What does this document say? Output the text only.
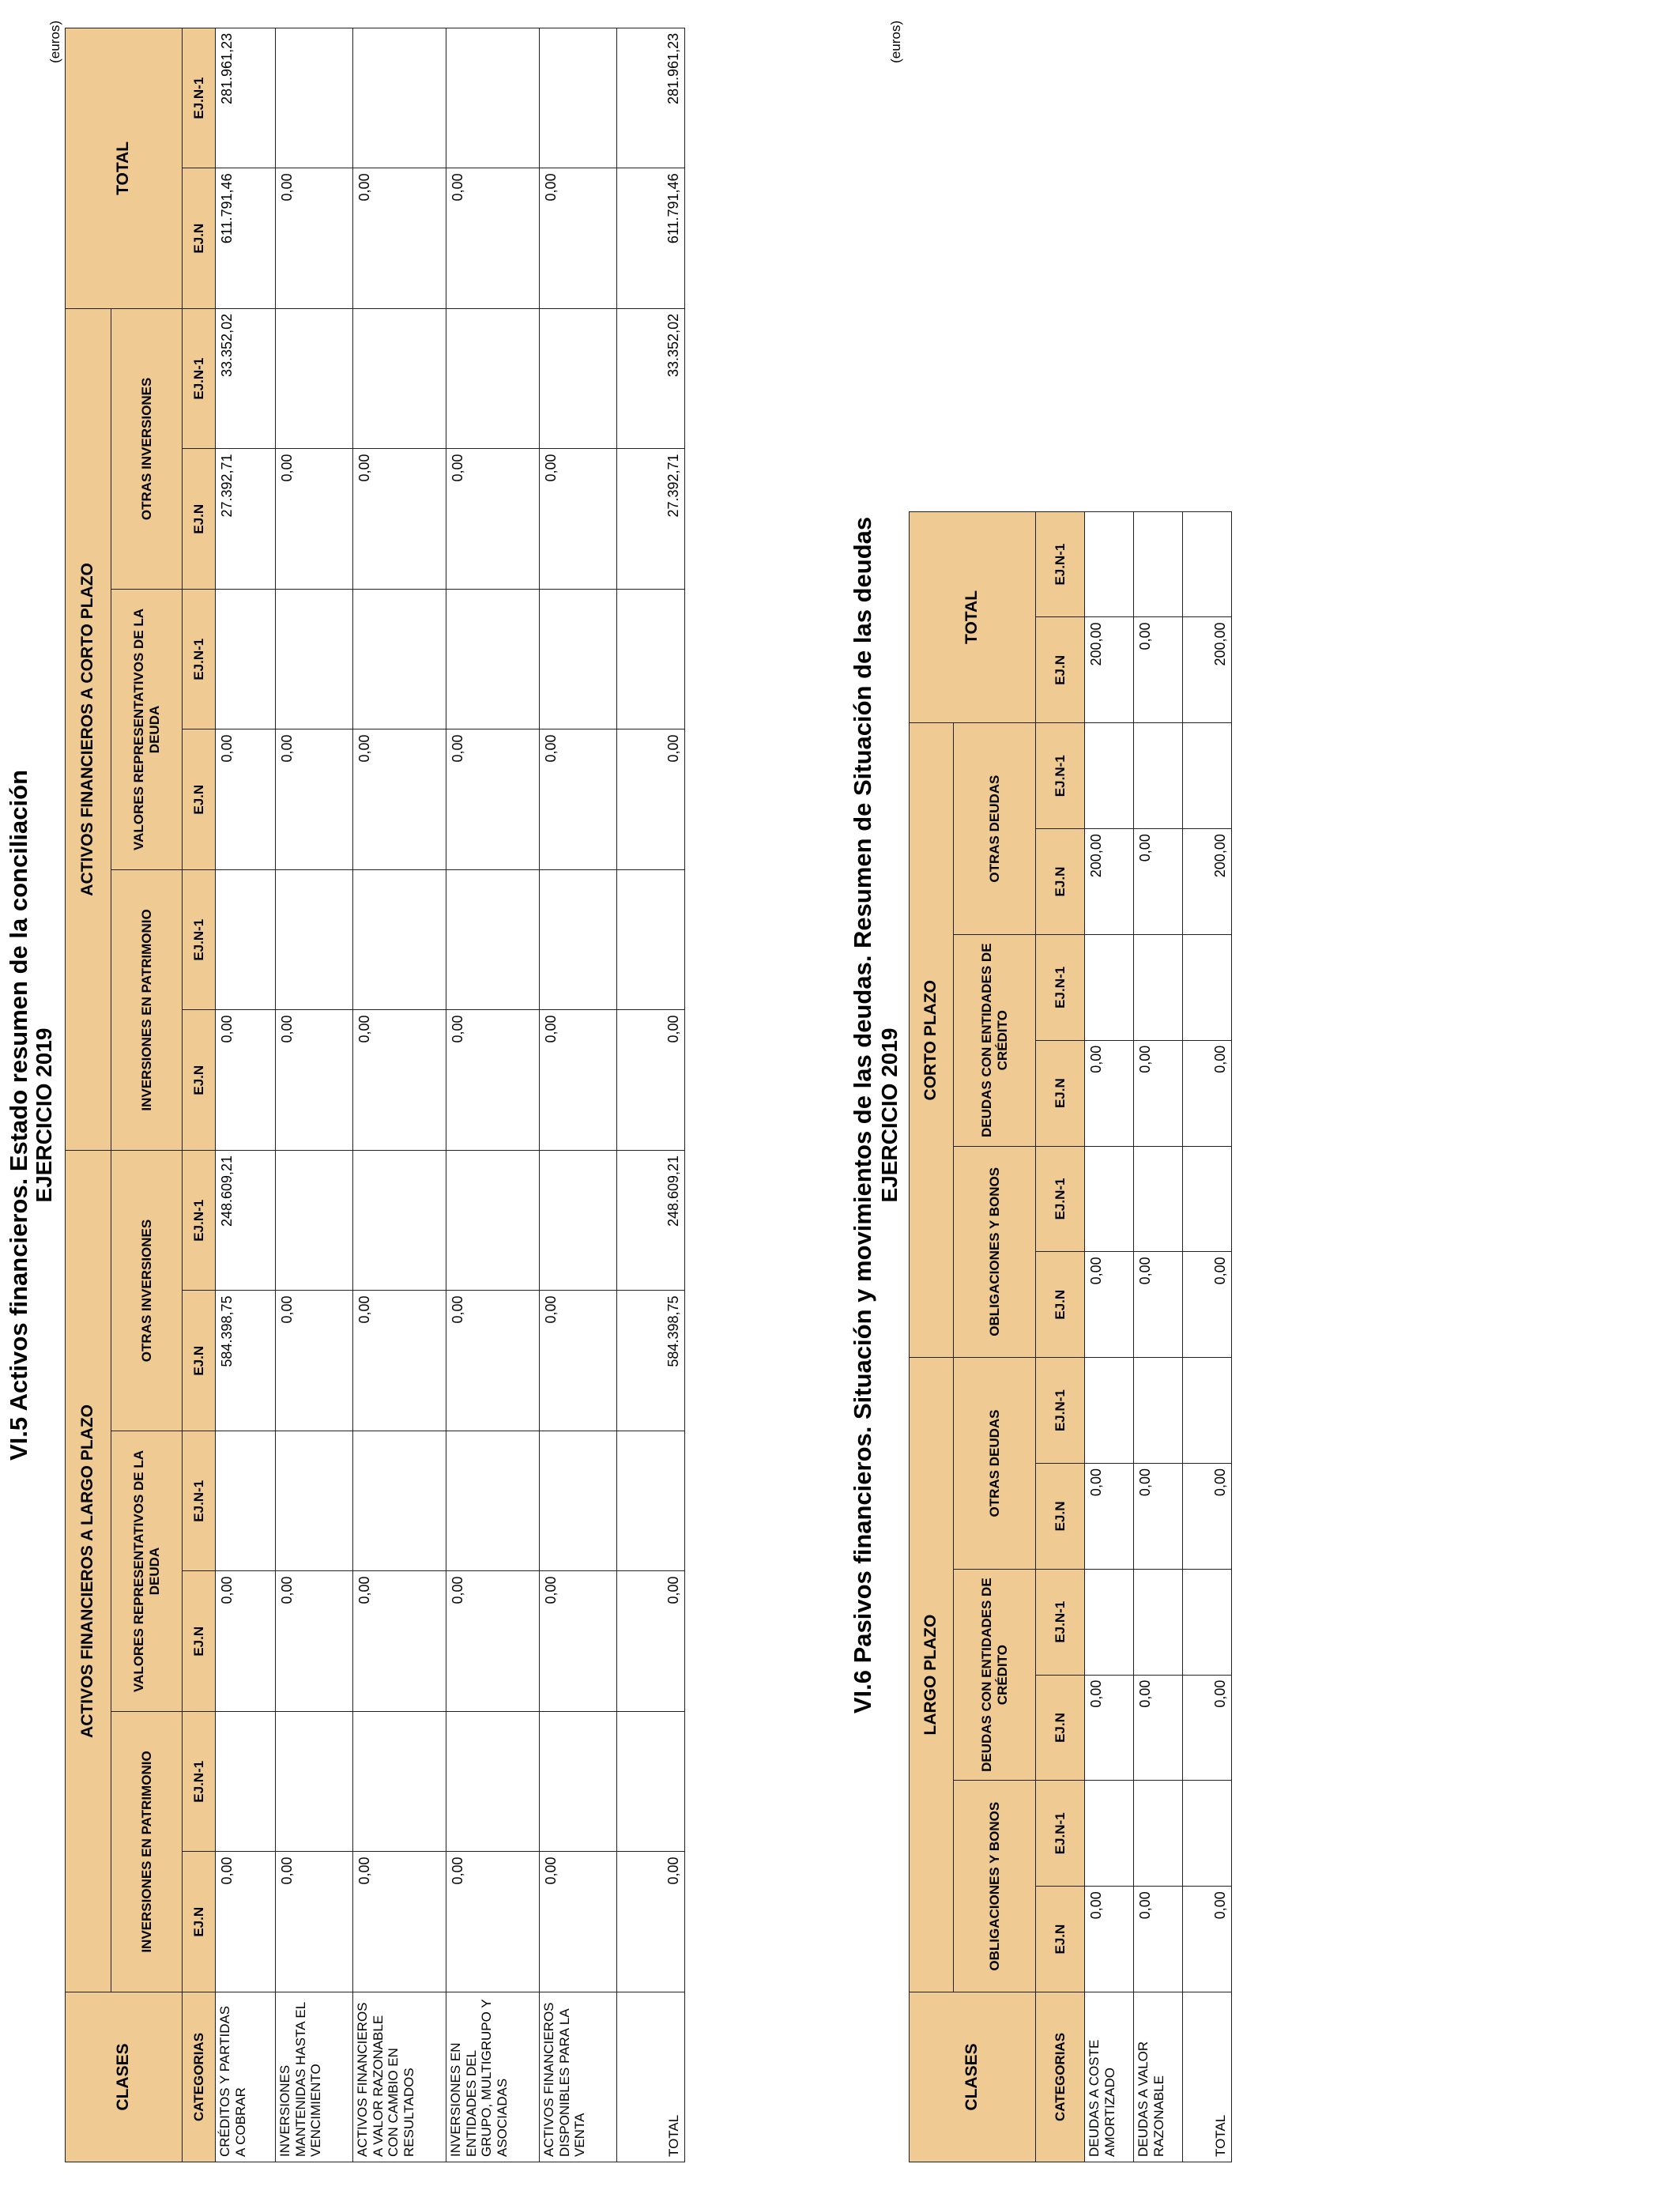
VI.5 Activos financieros. Estado resumen de la conciliación EJERCICIO 2019
(euros)
CLASES	ACTIVOS FINANCIEROS A LARGO PLAZO						ACTIVOS FINANCIEROS A CORTO PLAZO						TOTAL	
	INVERSIONES EN PATRIMONIO		VALORES REPRESENTATIVOS DE LA DEUDA		OTRAS INVERSIONES		INVERSIONES EN PATRIMONIO		VALORES REPRESENTATIVOS DE LA DEUDA		OTRAS INVERSIONES			
CATEGORIAS	EJ.N	EJ.N-1	EJ.N	EJ.N-1	EJ.N	EJ.N-1	EJ.N	EJ.N-1	EJ.N	EJ.N-1	EJ.N	EJ.N-1	EJ.N	EJ.N-1
CRÉDITOS Y PARTIDAS A COBRAR	0,00		0,00		584.398,75	248.609,21	0,00		0,00		27.392,71	33.352,02	611.791,46	281.961,23
INVERSIONES MANTENIDAS HASTA EL VENCIMIENTO	0,00		0,00		0,00		0,00		0,00		0,00		0,00	
ACTIVOS FINANCIEROS A VALOR RAZONABLE CON CAMBIO EN RESULTADOS	0,00		0,00		0,00		0,00		0,00		0,00		0,00	
INVERSIONES EN ENTIDADES DEL GRUPO, MULTIGRUPO Y ASOCIADAS	0,00		0,00		0,00		0,00		0,00		0,00		0,00	
ACTIVOS FINANCIEROS DISPONIBLES PARA LA VENTA	0,00		0,00		0,00		0,00		0,00		0,00		0,00	
TOTAL	0,00		0,00		584.398,75	248.609,21	0,00		0,00		27.392,71	33.352,02	611.791,46	281.961,23
VI.6 Pasivos financieros. Situación y movimientos de las deudas. Resumen de Situación de las deudas EJERCICIO 2019
(euros)
CLASES	LARGO PLAZO						CORTO PLAZO						TOTAL	
	OBLIGACIONES Y BONOS		DEUDAS CON ENTIDADES DE CRÉDITO		OTRAS DEUDAS		OBLIGACIONES Y BONOS		DEUDAS CON ENTIDADES DE CRÉDITO		OTRAS DEUDAS			
CATEGORIAS	EJ.N	EJ.N-1	EJ.N	EJ.N-1	EJ.N	EJ.N-1	EJ.N	EJ.N-1	EJ.N	EJ.N-1	EJ.N	EJ.N-1	EJ.N	EJ.N-1
DEUDAS A COSTE AMORTIZADO	0,00		0,00		0,00		0,00		0,00		200,00		200,00	
DEUDAS A VALOR RAZONABLE	0,00		0,00		0,00		0,00		0,00		0,00		0,00	
TOTAL	0,00		0,00		0,00		0,00		0,00		200,00		200,00	
